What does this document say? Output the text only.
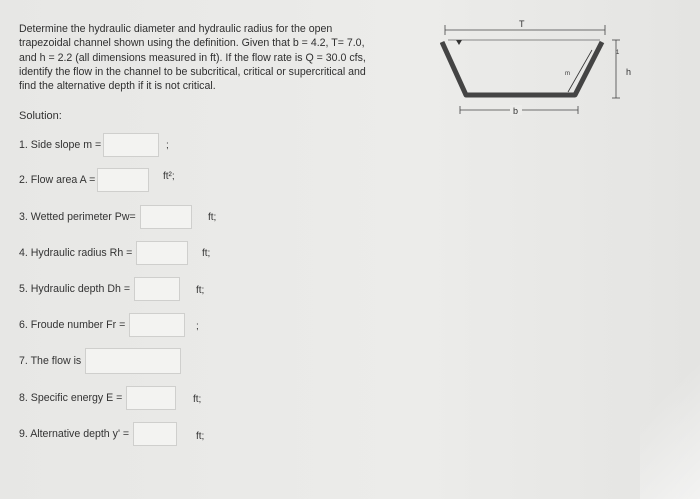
Determine the hydraulic diameter and hydraulic radius for the open

trapezoidal channel shown using the definition. Given that b = 4.2, T= 7.0,

and h = 2.2 (all dimensions measured in ft). If the flow rate is Q = 30.0 cfs,

identify the flow in the channel to be subcritical, critical or supercritical and

find the alternative depth if it is not critical.

Solution:
1. Side slope m =	;
2. Flow area A =	ft²;
3. Wetted perimeter Pw=	ft;
4. Hydraulic radius Rh =	ft;
5. Hydraulic depth Dh =	ft;
6. Froude number Fr =	;
7. The flow is
8. Specific energy E =	ft;
9. Alternative depth y' =	ft;
T
m
1
h
b
